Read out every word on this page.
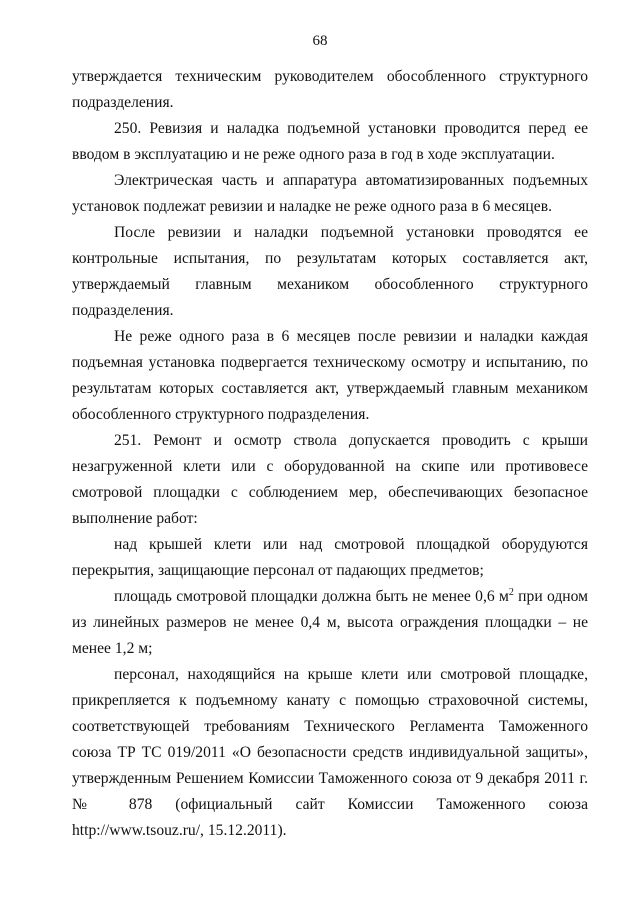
68

утверждается техническим руководителем обособленного структурного подразделения.

250. Ревизия и наладка подъемной установки проводится перед ее вводом в эксплуатацию и не реже одного раза в год в ходе эксплуатации.

Электрическая часть и аппаратура автоматизированных подъемных установок подлежат ревизии и наладке не реже одного раза в 6 месяцев.

После ревизии и наладки подъемной установки проводятся ее контрольные испытания, по результатам которых составляется акт, утверждаемый главным механиком обособленного структурного подразделения.

Не реже одного раза в 6 месяцев после ревизии и наладки каждая подъемная установка подвергается техническому осмотру и испытанию, по результатам которых составляется акт, утверждаемый главным механиком обособленного структурного подразделения.

251. Ремонт и осмотр ствола допускается проводить с крыши незагруженной клети или с оборудованной на скипе или противовесе смотровой площадки с соблюдением мер, обеспечивающих безопасное выполнение работ:

над крышей клети или над смотровой площадкой оборудуются перекрытия, защищающие персонал от падающих предметов;

площадь смотровой площадки должна быть не менее 0,6 $м^2$ при одном из линейных размеров не менее 0,4 м, высота ограждения площадки – не менее 1,2 м;

персонал, находящийся на крыше клети или смотровой площадке, прикрепляется к подъемному канату с помощью страховочной системы, соответствующей требованиям Технического Регламента Таможенного союза ТР ТС 019/2011 «О безопасности средств индивидуальной защиты», утвержденным Решением Комиссии Таможенного союза от 9 декабря 2011 г. № 878 (официальный сайт Комиссии Таможенного союза http://www.tsouz.ru/, 15.12.2011).
